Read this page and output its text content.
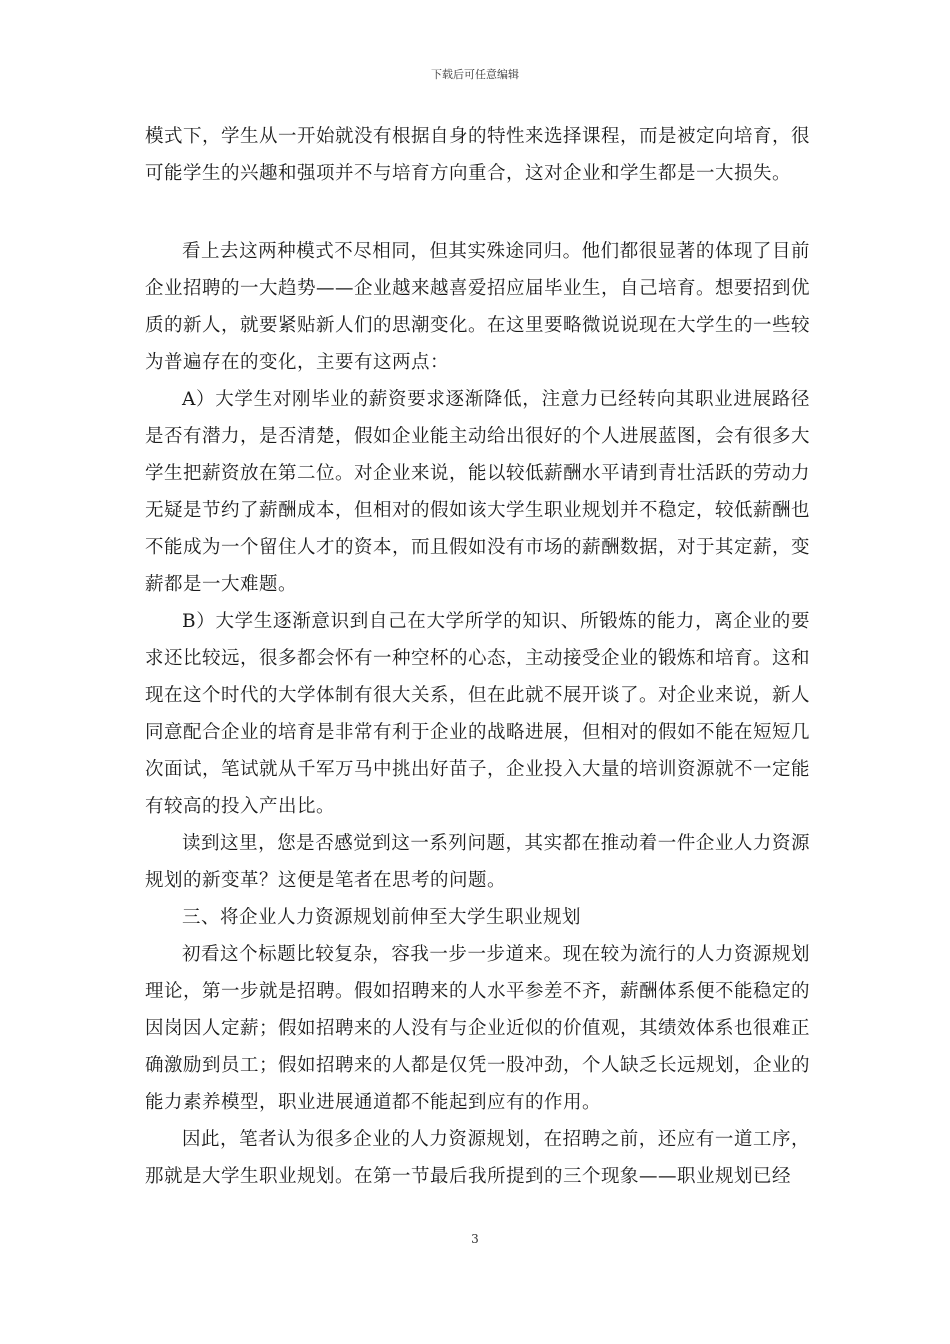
下载后可任意编辑

模式下，学生从一开始就没有根据自身的特性来选择课程，而是被定向培育，很可能学生的兴趣和强项并不与培育方向重合，这对企业和学生都是一大损失。

看上去这两种模式不尽相同，但其实殊途同归。他们都很显著的体现了目前企业招聘的一大趋势——企业越来越喜爱招应届毕业生，自己培育。想要招到优质的新人，就要紧贴新人们的思潮变化。在这里要略微说说现在大学生的一些较为普遍存在的变化，主要有这两点：

A）大学生对刚毕业的薪资要求逐渐降低，注意力已经转向其职业进展路径是否有潜力，是否清楚，假如企业能主动给出很好的个人进展蓝图，会有很多大学生把薪资放在第二位。对企业来说，能以较低薪酬水平请到青壮活跃的劳动力无疑是节约了薪酬成本，但相对的假如该大学生职业规划并不稳定，较低薪酬也不能成为一个留住人才的资本，而且假如没有市场的薪酬数据，对于其定薪，变薪都是一大难题。

B）大学生逐渐意识到自己在大学所学的知识、所锻炼的能力，离企业的要求还比较远，很多都会怀有一种空杯的心态，主动接受企业的锻炼和培育。这和现在这个时代的大学体制有很大关系，但在此就不展开谈了。对企业来说，新人同意配合企业的培育是非常有利于企业的战略进展，但相对的假如不能在短短几次面试，笔试就从千军万马中挑出好苗子，企业投入大量的培训资源就不一定能有较高的投入产出比。

读到这里，您是否感觉到这一系列问题，其实都在推动着一件企业人力资源规划的新变革？这便是笔者在思考的问题。

三、将企业人力资源规划前伸至大学生职业规划

初看这个标题比较复杂，容我一步一步道来。现在较为流行的人力资源规划理论，第一步就是招聘。假如招聘来的人水平参差不齐，薪酬体系便不能稳定的因岗因人定薪；假如招聘来的人没有与企业近似的价值观，其绩效体系也很难正确激励到员工；假如招聘来的人都是仅凭一股冲劲，个人缺乏长远规划，企业的能力素养模型，职业进展通道都不能起到应有的作用。

因此，笔者认为很多企业的人力资源规划，在招聘之前，还应有一道工序，那就是大学生职业规划。在第一节最后我所提到的三个现象——职业规划已经

3
